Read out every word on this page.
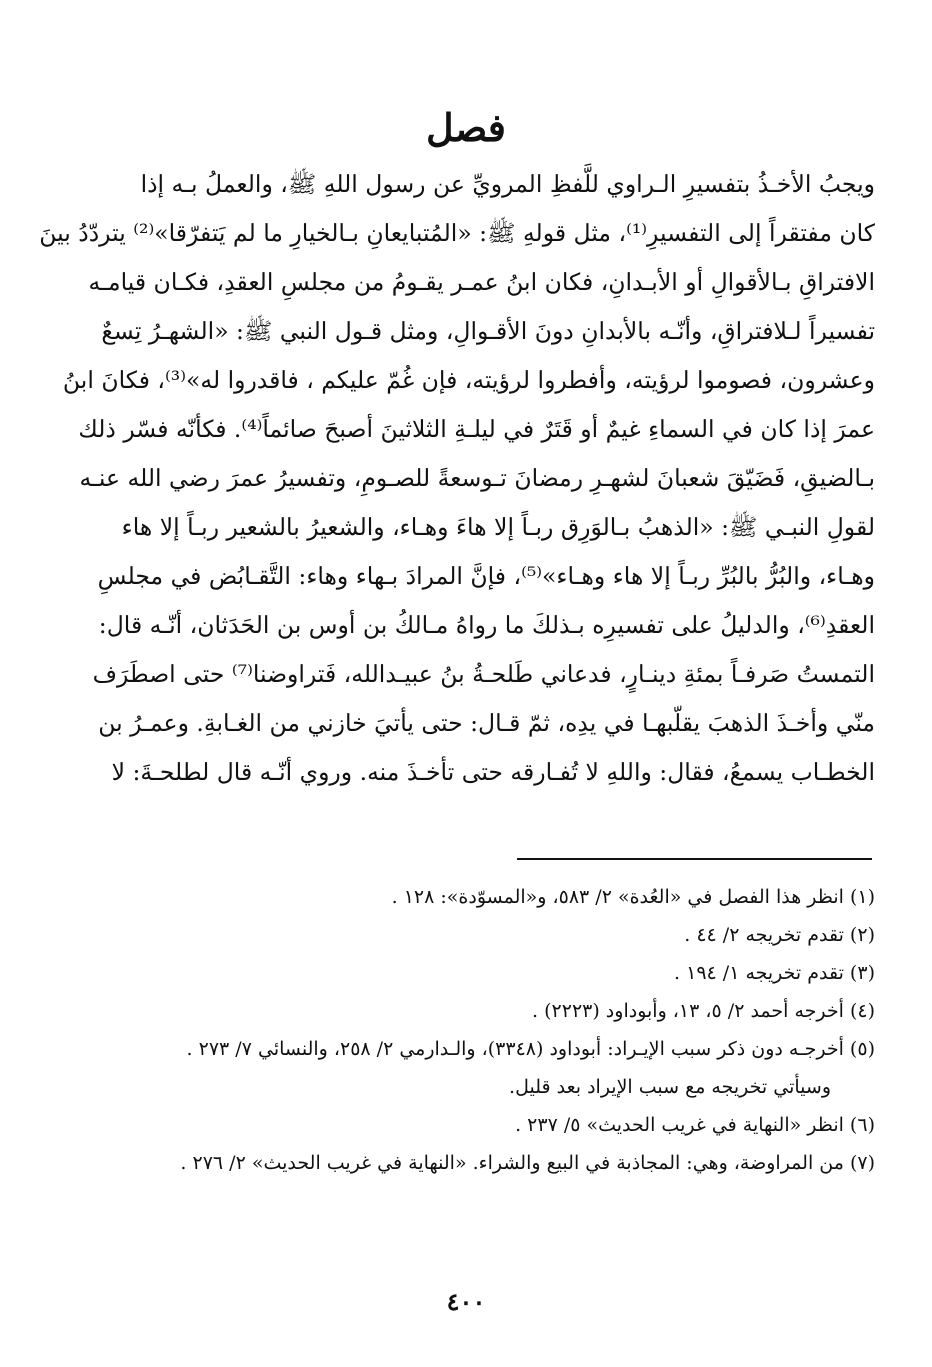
فصل
ويجبُ الأخـذُ بتفسيرِ الـراوي للَّفظِ المرويِّ عن رسول اللهِ ﷺ، والعملُ بـه إذا
كان مفتقراً إلى التفسيرِ⁽¹⁾، مثل قولهِ ﷺ: «المُتبايعانِ بـالخيارِ ما لم يَتفرّقا»⁽²⁾ يتردّدُ بينَ
الافتراقِ بـالأقوالِ أو الأبـدانِ، فكان ابنُ عمـر يقـومُ من مجلسِ العقدِ، فكـان قيامـه
تفسيراً لـلافتراقِ، وأنّـه بالأبدانِ دونَ الأقـوالِ، ومثل قـول النبي ﷺ: «الشهـرُ تِسعٌ
وعشرون، فصوموا لرؤيته، وأفطروا لرؤيته، فإن غُمّ عليكم ، فاقدروا له»⁽³⁾، فكانَ ابنُ
عمرَ إذا كان في السماءِ غيمٌ أو قَتَرٌ في ليلـةِ الثلاثينَ أصبحَ صائماً⁽⁴⁾. فكأنّه فسّر ذلك
بـالضيقِ، فَضَيّقَ شعبانَ لشهـرِ رمضانَ تـوسعةً للصـومِ، وتفسيرُ عمرَ رضي الله عنـه
لقولِ النبـي ﷺ: «الذهبُ بـالوَرِق ربـاً إلا هاءَ وهـاء، والشعيرُ بالشعير ربـاً إلا هاء
وهـاء، والبُرُّ بالبُرِّ ربـاً إلا هاء وهـاء»⁽⁵⁾، فإنَّ المرادَ بـهاء وهاء: التَّقـابُض في مجلسِ
العقدِ⁽⁶⁾، والدليلُ على تفسيرِه بـذلكَ ما رواهُ مـالكُ بن أوس بن الحَدَثان، أنّـه قال:
التمستُ صَرفـاً بمئةِ دينـارٍ، فدعاني طَلحـةُ بنُ عبيـدالله، فَتراوضنا⁽⁷⁾ حتى اصطَرَف
منّي وأخـذَ الذهبَ يقلّبهـا في يدِه، ثمّ قـال: حتى يأتيَ خازني من الغـابةِ. وعمـرُ بن
الخطـاب يسمعُ، فقال: واللهِ لا تُفـارقه حتى تأخـذَ منه. وروي أنّـه قال لطلحـةَ: لا
(١) انظر هذا الفصل في «العُدة» ٢/ ٥٨٣، و«المسوّدة»: ١٢٨ .
(٢) تقدم تخريجه ٢/ ٤٤ .
(٣) تقدم تخريجه ١/ ١٩٤ .
(٤) أخرجه أحمد ٢/ ٥، ١٣، وأبوداود (٢٢٢٣) .
(٥) أخرجـه دون ذكر سبب الإيـراد: أبوداود (٣٣٤٨)، والـدارمي ٢/ ٢٥٨، والنسائي ٧/ ٢٧٣ .
وسيأتي تخريجه مع سبب الإيراد بعد قليل.
(٦) انظر «النهاية في غريب الحديث» ٥/ ٢٣٧ .
(٧) من المراوضة، وهي: المجاذبة في البيع والشراء. «النهاية في غريب الحديث» ٢/ ٢٧٦ .
٤٠٠
